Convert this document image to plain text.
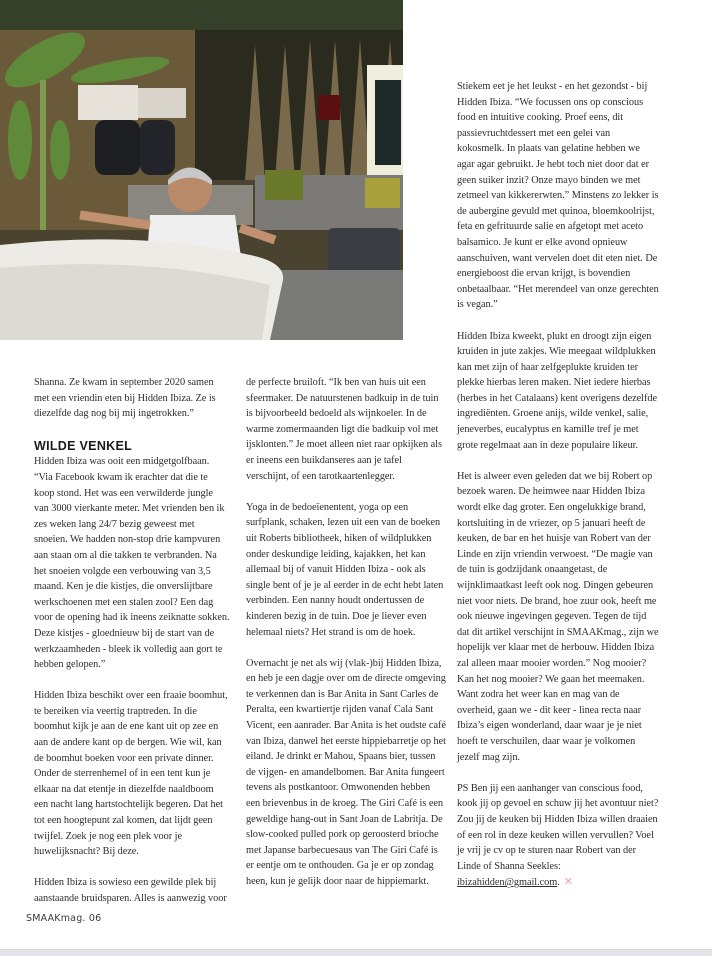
Shanna. Ze kwam in september 2020 samen met een vriendin eten bij Hidden Ibiza. Ze is diezelfde dag nog bij mij ingetrokken.”

WILDE VENKEL

Hidden Ibiza was ooit een midgetgolfbaan. “Via Facebook kwam ik erachter dat die te koop stond. Het was een verwilderde jungle van 3000 vierkante meter. Met vrienden ben ik zes weken lang 24/7 bezig geweest met snoeien. We hadden non-stop drie kampvuren aan staan om al die takken te verbranden. Na het snoeien volgde een verbouwing van 3,5 maand. Ken je die kistjes, die onverslijtbare werkschoenen met een stalen zool? Een dag voor de opening had ik ineens zeiknatte sokken. Deze kistjes - gloednieuw bij de start van de werkzaamheden - bleek ik volledig aan gort te hebben gelopen.”

Hidden Ibiza beschikt over een fraaie boomhut, te bereiken via veertig traptreden. In die boomhut kijk je aan de ene kant uit op zee en aan de andere kant op de bergen. Wie wil, kan de boomhut boeken voor een private dinner. Onder de sterrenhemel of in een tent kun je elkaar na dat etentje in diezelfde naaldboom een nacht lang hartstochtelijk begeren. Dat het tot een hoogtepunt zal komen, dat lijdt geen twijfel. Zoek je nog een plek voor je huwelijksnacht? Bij deze.

Hidden Ibiza is sowieso een gewilde plek bij aanstaande bruidsparen. Alles is aanwezig voor

de perfecte bruiloft. “Ik ben van huis uit een sfeermaker. De natuurstenen badkuip in de tuin is bijvoorbeeld bedoeld als wijnkoeler. In de warme zomermaanden ligt die badkuip vol met ijsklonten.” Je moet alleen niet raar opkijken als er ineens een buikdanseres aan je tafel verschijnt, of een tarotkaartenlegger.

Yoga in de bedoeïenentent, yoga op een surfplank, schaken, lezen uit een van de boeken uit Roberts bibliotheek, hiken of wildplukken onder deskundige leiding, kajakken, het kan allemaal bij of vanuit Hidden Ibiza - ook als single bent of je je al eerder in de echt hebt laten verbinden. Een nanny houdt ondertussen de kinderen bezig in de tuin. Doe je liever even helemaal niets? Het strand is om de hoek.

Overnacht je net als wij (vlak-)bij Hidden Ibiza, en heb je een dagje over om de directe omgeving te verkennen dan is Bar Anita in Sant Carles de Peralta, een kwartiertje rijden vanaf Cala Sant Vicent, een aanrader. Bar Anita is het oudste café van Ibiza, danwel het eerste hippiebarretje op het eiland. Je drinkt er Mahou, Spaans bier, tussen de vijgen- en amandelbomen. Bar Anita fungeert tevens als postkantoor. Omwonenden hebben een brievenbus in de kroeg. The Giri Café is een geweldige hang-out in Sant Joan de Labritja. De slow-cooked pulled pork op geroosterd brioche met Japanse barbecuesaus van The Giri Café is er eentje om te onthouden. Ga je er op zondag heen, kun je gelijk door naar de hippiemarkt.

Stiekem eet je het leukst - en het gezondst - bij Hidden Ibiza. “We focussen ons op conscious food en intuitive cooking. Proef eens, dit passievruchtdessert met een gelei van kokosmelk. In plaats van gelatine hebben we agar agar gebruikt. Je hebt toch niet door dat er geen suiker inzit? Onze mayo binden we met zetmeel van kikkererwten.” Minstens zo lekker is de aubergine gevuld met quinoa, bloemkoolrijst, feta en gefrituurde salie en afgetopt met aceto balsamico. Je kunt er elke avond opnieuw aanschuiven, want vervelen doet dit eten niet. De energieboost die ervan krijgt, is bovendien onbetaalbaar. “Het merendeel van onze gerechten is vegan.”

Hidden Ibiza kweekt, plukt en droogt zijn eigen kruiden in jute zakjes. Wie meegaat wildplukken kan met zijn of haar zelfgeplukte kruiden ter plekke hierbas leren maken. Niet iedere hierbas (herbes in het Catalaans) kent overigens dezelfde ingrediënten. Groene anijs, wilde venkel, salie, jeneverbes, eucalyptus en kamille tref je met grote regelmaat aan in deze populaire likeur.

Het is alweer even geleden dat we bij Robert op bezoek waren. De heimwee naar Hidden Ibiza wordt elke dag groter. Een ongelukkige brand, kortsluiting in de vriezer, op 5 januari heeft de keuken, de bar en het huisje van Robert van der Linde en zijn vriendin verwoest. “De magie van de tuin is godzijdank onaangetast, de wijnklimaatkast leeft ook nog. Dingen gebeuren niet voor niets. De brand, hoe zuur ook, heeft me ook nieuwe ingevingen gegeven. Tegen de tijd dat dit artikel verschijnt in SMAAKmag., zijn we hopelijk ver klaar met de herbouw. Hidden Ibiza zal alleen maar mooier worden.” Nog mooier? Kan het nog mooier? We gaan het meemaken. Want zodra het weer kan en mag van de overheid, gaan we - dit keer - linea recta naar Ibiza’s eigen wonderland, daar waar je je niet hoeft te verschuilen, daar waar je volkomen jezelf mag zijn.

PS Ben jij een aanhanger van conscious food, kook jij op gevoel en schuw jij het avontuur niet? Zou jij de keuken bij Hidden Ibiza willen draaien of een rol in deze keuken willen vervullen? Voel je vrij je cv op te sturen naar Robert van der Linde of Shanna Seekles: ibizahidden@gmail.com. ✕

SMAAKmag. 06
